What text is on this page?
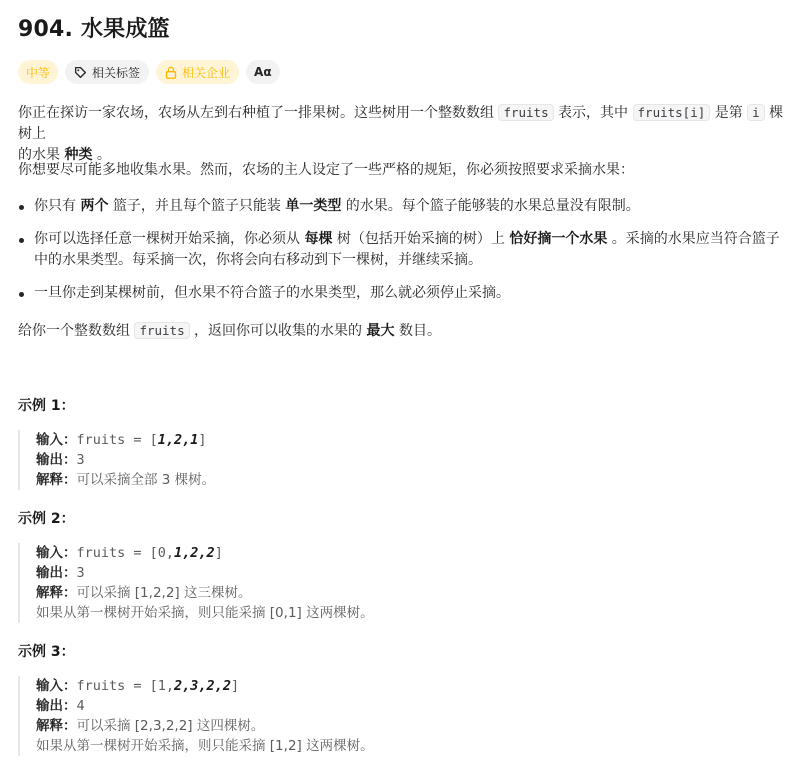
904. 水果成篮
中等	相关标签	相关企业	Aα

你正在探访一家农场，农场从左到右种植了一排果树。这些树用一个整数数组 fruits 表示，其中 fruits[i] 是第 i 棵树上
的水果 种类 。

你想要尽可能多地收集水果。然而，农场的主人设定了一些严格的规矩，你必须按照要求采摘水果：

你只有 两个 篮子，并且每个篮子只能装 单一类型 的水果。每个篮子能够装的水果总量没有限制。
你可以选择任意一棵树开始采摘，你必须从 每棵 树（包括开始采摘的树）上 恰好摘一个水果 。采摘的水果应当符合篮子
中的水果类型。每采摘一次，你将会向右移动到下一棵树，并继续采摘。
一旦你走到某棵树前，但水果不符合篮子的水果类型，那么就必须停止采摘。

给你一个整数数组 fruits ，返回你可以收集的水果的 最大 数目。

示例 1：
输入：fruits = [1,2,1]
输出：3
解释：可以采摘全部 3 棵树。
示例 2：
输入：fruits = [0,1,2,2]
输出：3
解释：可以采摘 [1,2,2] 这三棵树。
如果从第一棵树开始采摘，则只能采摘 [0,1] 这两棵树。
示例 3：
输入：fruits = [1,2,3,2,2]
输出：4
解释：可以采摘 [2,3,2,2] 这四棵树。
如果从第一棵树开始采摘，则只能采摘 [1,2] 这两棵树。
